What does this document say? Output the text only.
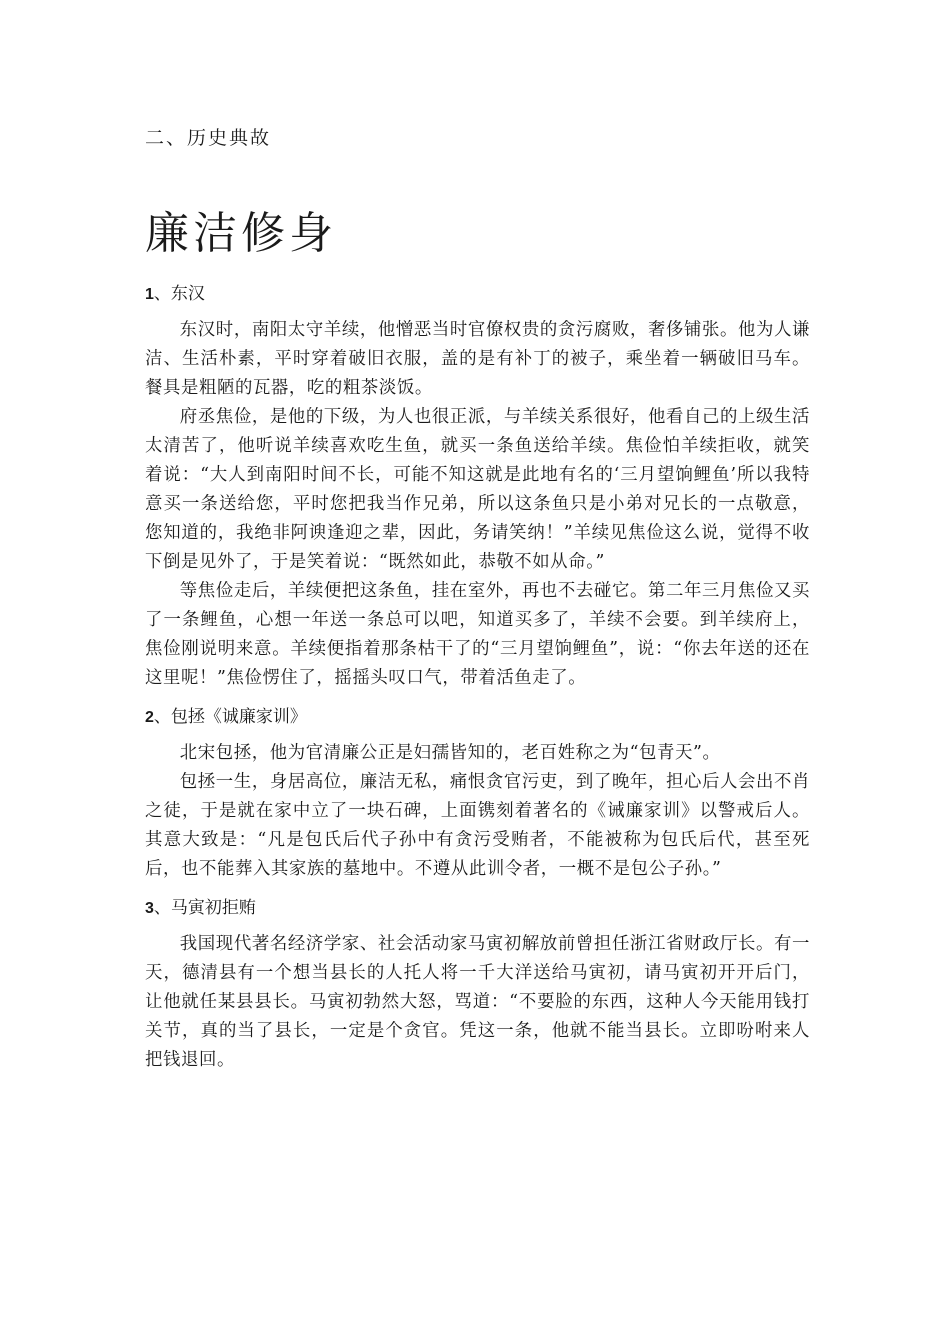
二、历史典故
廉洁修身
1、东汉

东汉时，南阳太守羊续，他憎恶当时官僚权贵的贪污腐败，奢侈铺张。他为人谦洁、生活朴素，平时穿着破旧衣服，盖的是有补丁的被子，乘坐着一辆破旧马车。餐具是粗陋的瓦器，吃的粗茶淡饭。

府丞焦俭，是他的下级，为人也很正派，与羊续关系很好，他看自己的上级生活太清苦了，他听说羊续喜欢吃生鱼，就买一条鱼送给羊续。焦俭怕羊续拒收，就笑着说：“大人到南阳时间不长，可能不知这就是此地有名的‘三月望饷鲤鱼’所以我特意买一条送给您，平时您把我当作兄弟，所以这条鱼只是小弟对兄长的一点敬意，您知道的，我绝非阿谀逢迎之辈，因此，务请笑纳！”羊续见焦俭这么说，觉得不收下倒是见外了，于是笑着说：“既然如此，恭敬不如从命。”

等焦俭走后，羊续便把这条鱼，挂在室外，再也不去碰它。第二年三月焦俭又买了一条鲤鱼，心想一年送一条总可以吧，知道买多了，羊续不会要。到羊续府上，焦俭刚说明来意。羊续便指着那条枯干了的“三月望饷鲤鱼”，说：“你去年送的还在这里呢！”焦俭愣住了，摇摇头叹口气，带着活鱼走了。

2、包拯《诚廉家训》

北宋包拯，他为官清廉公正是妇孺皆知的，老百姓称之为“包青天”。

包拯一生，身居高位，廉洁无私，痛恨贪官污吏，到了晚年，担心后人会出不肖之徒，于是就在家中立了一块石碑，上面镌刻着著名的《诫廉家训》以警戒后人。其意大致是：“凡是包氏后代子孙中有贪污受贿者，不能被称为包氏后代，甚至死后，也不能葬入其家族的墓地中。不遵从此训令者，一概不是包公子孙。”

3、马寅初拒贿

我国现代著名经济学家、社会活动家马寅初解放前曾担任浙江省财政厅长。有一天，德清县有一个想当县长的人托人将一千大洋送给马寅初，请马寅初开开后门，让他就任某县县长。马寅初勃然大怒，骂道：“不要脸的东西，这种人今天能用钱打关节，真的当了县长，一定是个贪官。凭这一条，他就不能当县长。立即吩咐来人把钱退回。
